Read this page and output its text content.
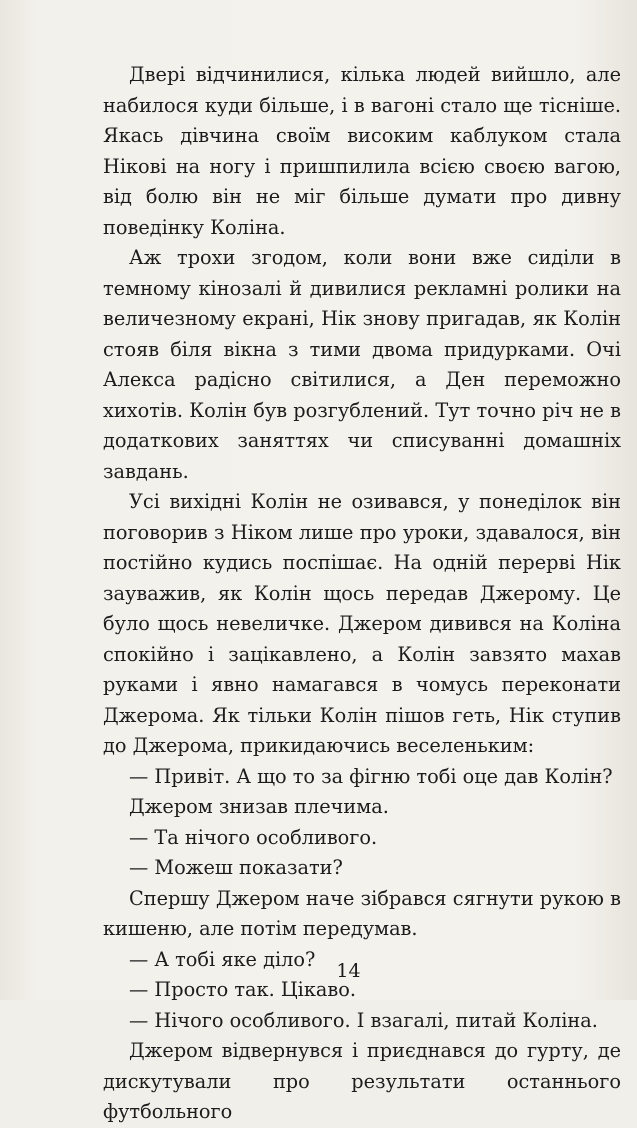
Двері відчинилися, кілька людей вийшло, але набилося куди більше, і в вагоні стало ще тісніше. Якась дівчина своїм високим каблуком стала Нікові на ногу і пришпилила всією своєю вагою, від болю він не міг більше думати про дивну поведінку Коліна.

Аж трохи згодом, коли вони вже сиділи в темному кінозалі й дивилися рекламні ролики на величезному екрані, Нік знову пригадав, як Колін стояв біля вікна з тими двома придурками. Очі Алекса радісно світилися, а Ден переможно хихотів. Колін був розгублений. Тут точно річ не в додаткових заняттях чи списуванні домашніх завдань.

Усі вихідні Колін не озивався, у понеділок він поговорив з Ніком лише про уроки, здавалося, він постійно кудись поспішає. На одній перерві Нік зауважив, як Колін щось передав Джерому. Це було щось невеличке. Джером дивився на Коліна спокійно і зацікавлено, а Колін завзято махав руками і явно намагався в чомусь переконати Джерома. Як тільки Колін пішов геть, Нік ступив до Джерома, прикидаючись веселеньким:

— Привіт. А що то за фігню тобі оце дав Колін?

Джером знизав плечима.

— Та нічого особливого.

— Можеш показати?

Спершу Джером наче зібрався сягнути рукою в кишеню, але потім передумав.

— А тобі яке діло?

— Просто так. Цікаво.

— Нічого особливого. І взагалі, питай Коліна.

Джером відвернувся і приєднався до гурту, де дискутували про результати останнього футбольного

14
